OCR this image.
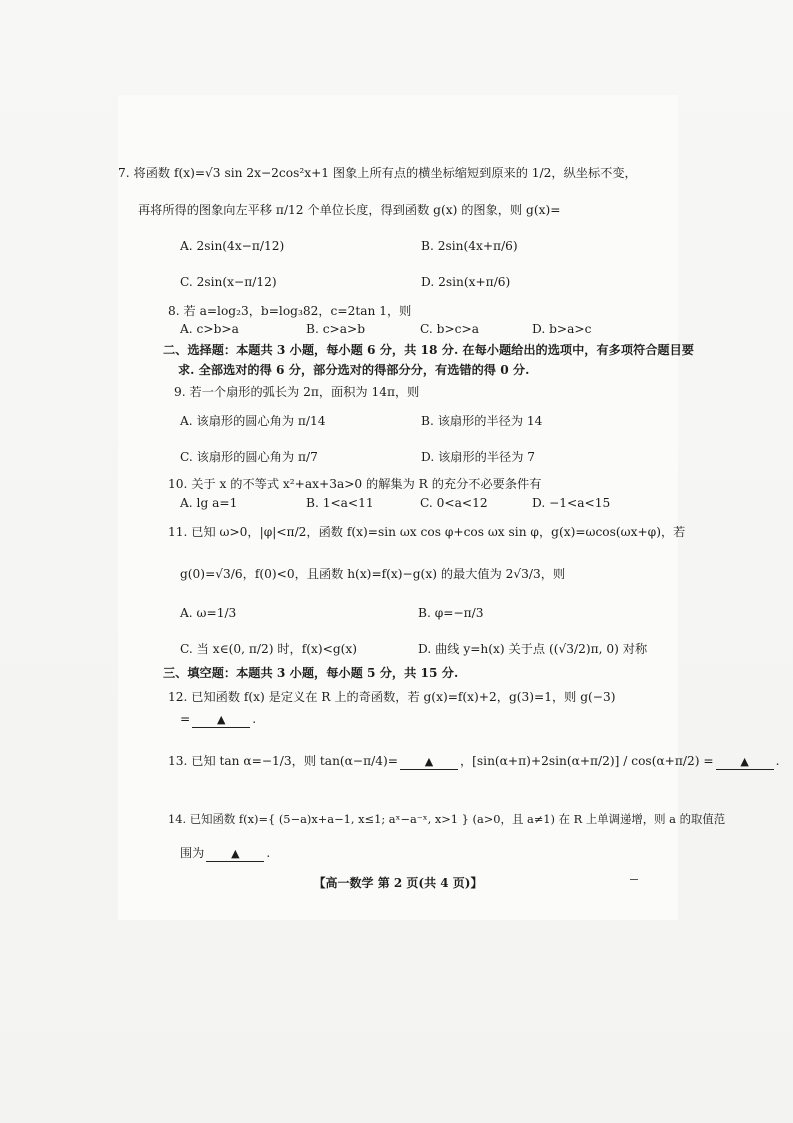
7. 将函数 f(x)=√3 sin 2x−2cos²x+1 图象上所有点的横坐标缩短到原来的 1/2，纵坐标不变，
再将所得的图象向左平移 π/12 个单位长度，得到函数 g(x) 的图象，则 g(x)=
A. 2sin(4x−π/12)	B. 2sin(4x+π/6)
C. 2sin(x−π/12)	D. 2sin(x+π/6)
8. 若 a=log₂3，b=log₃82，c=2tan 1，则
A. c>b>a	B. c>a>b	C. b>c>a	D. b>a>c
二、选择题：本题共 3 小题，每小题 6 分，共 18 分. 在每小题给出的选项中，有多项符合题目要
求. 全部选对的得 6 分，部分选对的得部分分，有选错的得 0 分.
9. 若一个扇形的弧长为 2π，面积为 14π，则
A. 该扇形的圆心角为 π/14	B. 该扇形的半径为 14
C. 该扇形的圆心角为 π/7	D. 该扇形的半径为 7
10. 关于 x 的不等式 x²+ax+3a>0 的解集为 R 的充分不必要条件有
A. lg a=1	B. 1<a<11	C. 0<a<12	D. −1<a<15
11. 已知 ω>0，|φ|<π/2，函数 f(x)=sin ωx cos φ+cos ωx sin φ，g(x)=ωcos(ωx+φ)，若
g(0)=√3/6，f(0)<0，且函数 h(x)=f(x)−g(x) 的最大值为 2√3/3，则
A. ω=1/3	B. φ=−π/3
C. 当 x∈(0, π/2) 时，f(x)<g(x)	D. 曲线 y=h(x) 关于点 ((√3/2)π, 0) 对称
三、填空题：本题共 3 小题，每小题 5 分，共 15 分.
12. 已知函数 f(x) 是定义在 R 上的奇函数，若 g(x)=f(x)+2，g(3)=1，则 g(−3)
= ▲ .
13. 已知 tan α=−1/3，则 tan(α−π/4)= ▲ ，[sin(α+π)+2sin(α+π/2)] / cos(α+π/2) = ▲ .
14. 已知函数 f(x)={ (5−a)x+a−1, x≤1; aˣ−a⁻ˣ, x>1 } (a>0，且 a≠1) 在 R 上单调递增，则 a 的取值范
围为 ▲ .
【高一数学 第 2 页(共 4 页)】
